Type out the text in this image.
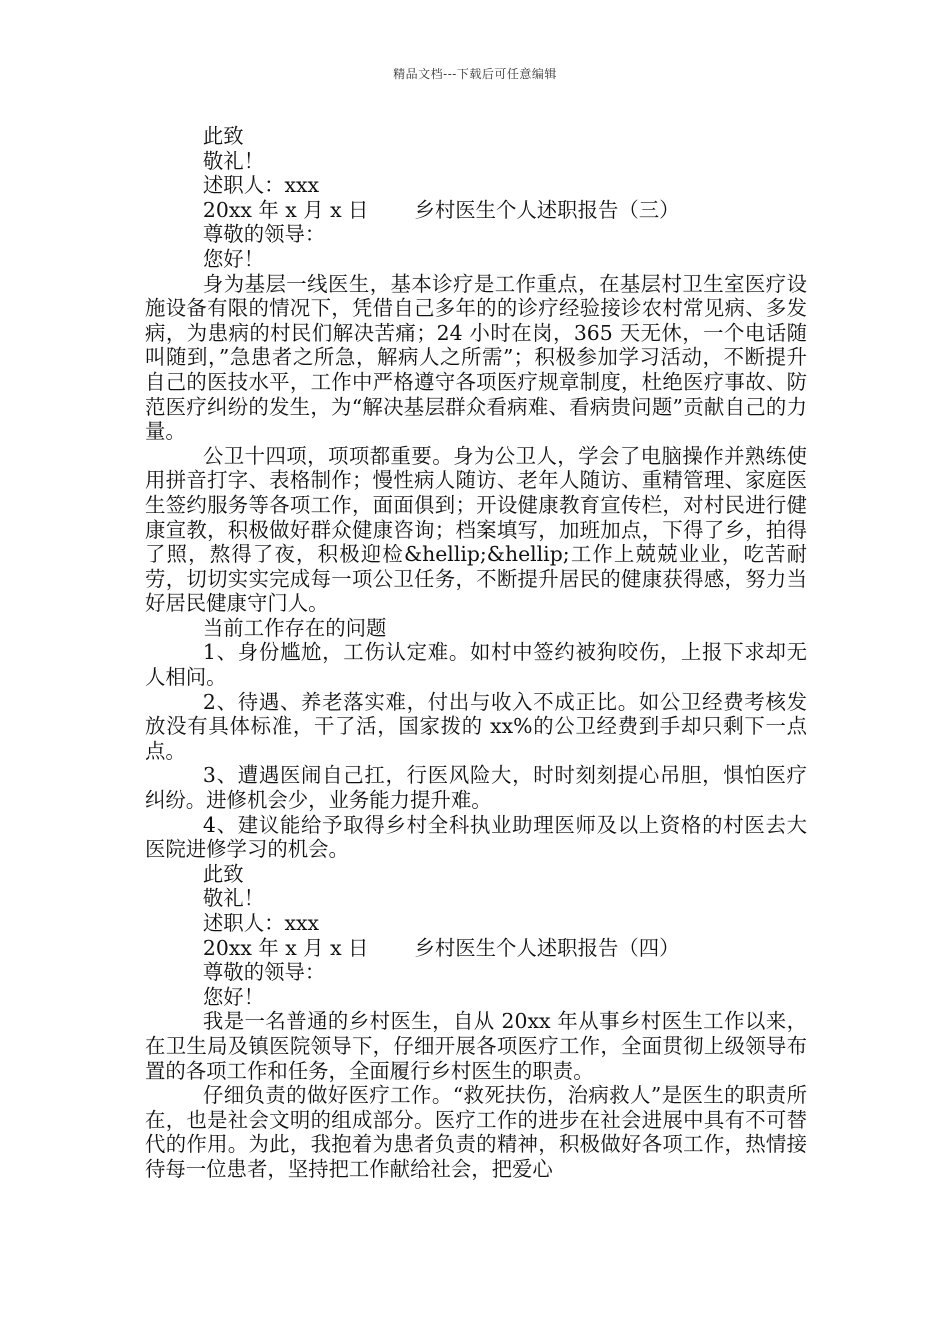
精品文档---下载后可任意编辑

此致

敬礼！

述职人：xxx

20xx 年 x 月 x 日 乡村医生个人述职报告（三）

尊敬的领导：

您好！

身为基层一线医生，基本诊疗是工作重点，在基层村卫生室医疗设施设备有限的情况下，凭借自己多年的的诊疗经验接诊农村常见病、多发病，为患病的村民们解决苦痛；24 小时在岗，365 天无休，一个电话随叫随到，”急患者之所急，解病人之所需”；积极参加学习活动，不断提升自己的医技水平，工作中严格遵守各项医疗规章制度，杜绝医疗事故、防范医疗纠纷的发生，为“解决基层群众看病难、看病贵问题”贡献自己的力量。

公卫十四项，项项都重要。身为公卫人，学会了电脑操作并熟练使用拼音打字、表格制作；慢性病人随访、老年人随访、重精管理、家庭医生签约服务等各项工作，面面俱到；开设健康教育宣传栏，对村民进行健康宣教，积极做好群众健康咨询；档案填写，加班加点，下得了乡，拍得了照，熬得了夜，积极迎检&hellip;&hellip;工作上兢兢业业，吃苦耐劳，切切实实完成每一项公卫任务，不断提升居民的健康获得感，努力当好居民健康守门人。

当前工作存在的问题

1、身份尴尬，工伤认定难。如村中签约被狗咬伤，上报下求却无人相问。

2、待遇、养老落实难，付出与收入不成正比。如公卫经费考核发放没有具体标准，干了活，国家拨的 xx%的公卫经费到手却只剩下一点点。

3、遭遇医闹自己扛，行医风险大，时时刻刻提心吊胆，惧怕医疗纠纷。进修机会少，业务能力提升难。

4、建议能给予取得乡村全科执业助理医师及以上资格的村医去大医院进修学习的机会。

此致

敬礼！

述职人：xxx

20xx 年 x 月 x 日 乡村医生个人述职报告（四）

尊敬的领导：

您好！

我是一名普通的乡村医生，自从 20xx 年从事乡村医生工作以来，在卫生局及镇医院领导下，仔细开展各项医疗工作，全面贯彻上级领导布置的各项工作和任务，全面履行乡村医生的职责。

仔细负责的做好医疗工作。“救死扶伤，治病救人”是医生的职责所在，也是社会文明的组成部分。医疗工作的进步在社会进展中具有不可替代的作用。为此，我抱着为患者负责的精神，积极做好各项工作，热情接待每一位患者，坚持把工作献给社会，把爱心
